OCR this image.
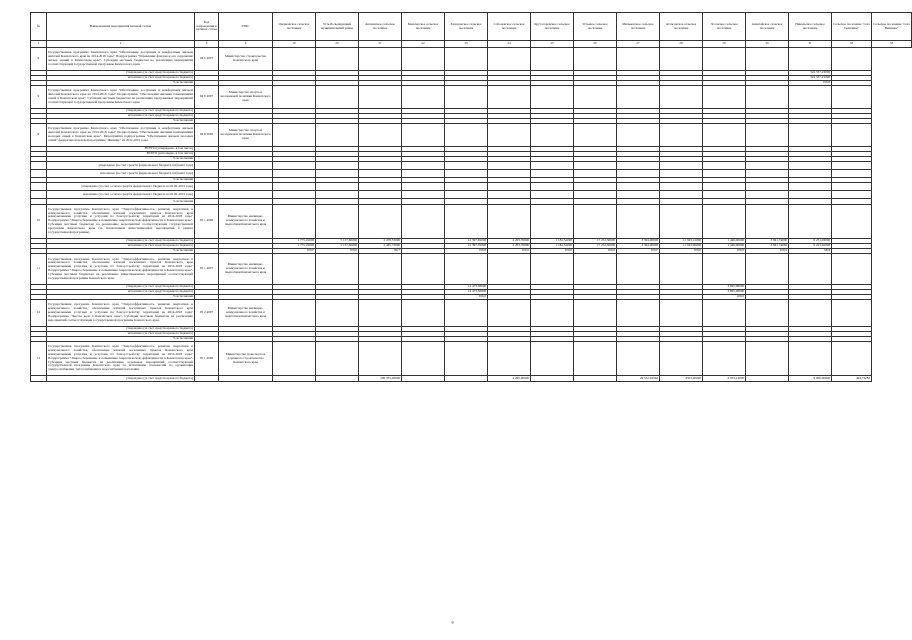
№	Наименование мероприятия целевой статьи	Код направления в целевой статье	ГРБС	Озерновское сельское поселение	Усть-Большерецкий муниципальный район	Апачинское сельское поселение	Кавалерское сельское поселение	Запорожское сельское поселение	Соболевское сельское поселение	Крутогоровское сельское поселение	Устьевое сельское поселение	Мильковское сельское поселение	Атласовское сельское поселение	Эссовское сельское поселение	Анавгайское сельское поселение	Никольское сельское поселение	Сельское поселение "село Тиличики"	Сельское поселение "село Вывенка"
1	2	3	4	19	20	21	22	23	24	25	26	27	28	29	30	31	32	33
9	Государственная программа Камчатского края "Обеспечение доступным и комфортным жильем жителей Камчатского края на 2014-2018 годы" Подпрограмма "Управление фондом и его сохранение жилых зданий в Камчатском крае". Субсидии местным бюджетам на реализацию мероприятий соответствующей государственной программы Камчатского края.	04 5 4007	Министерство строительства Камчатского края															
	утверждено (за счет средств краевого бюджета)															324 557,23000		
	исполнено (за счет средств краевого бюджета)															324 557,23000		
	% исполнения															100,0		
9	Государственная программа Камчатского края "Обеспечение доступным и комфортным жильем жителей Камчатского края на 2014-2018 годы" Подпрограмма "Обеспечение жилыми помещениями семей в Камчатском крае". Субсидии местным бюджетам на реализацию программных мероприятий соответствующей государственной программы Камчатского края.	04 6 4007	Министерство спорта и молодежной политики Камчатского края															
	утверждено (за счет средств краевого бюджета)																	
	исполнено (за счет средств краевого бюджета)																	
	% исполнения																	
9	Государственная программа Камчатского края "Обеспечение доступным и комфортным жильем жителей Камчатского края на 2014-2018 годы" Подпрограмма "Обеспечение жилыми помещениями молодых семей в Камчатском крае". Мероприятия подпрограммы "Обеспечение жильем молодых семей" федеральной целевой программы "Жилище" на 2011-2015 годы.	04 6 5020	Министерство спорта и молодежной политики Камчатского края															
	ВСЕГО (утверждено, в том числе)																	
	ВСЕГО (исполнено, в том числе)																	
	% исполнения																	
	утверждено (за счет средств федерального бюджета текущего года)																	
	исполнено (за счет средств федерального бюджета текущего года)																	
	% исполнения																	
	утверждено (за счет остатка средств федерального бюджета на 01.01.2015 года)																	
	исполнено (за счет остатка средств федерального бюджета на 01.01.2015 года)																	
	% исполнения																	
10	Государственная программа Камчатского края "Энергоэффективность, развитие энергетики и коммунального хозяйства, обеспечение жителей населенных пунктов Камчатского края коммунальными услугами и услугами по благоустройству территорий на 2014-2018 годы" Подпрограмма "Энергосбережение и повышение энергетической эффективности в Камчатском крае". Субсидии местным бюджетам на реализацию мероприятий соответствующей государственной программы Камчатского края (за исключением инвестиционных мероприятий в рамках государственной программы).	05 1 4006	Министерство жилищно-коммунального хозяйства и энергетики Камчатского края															
	утверждено (за счет средств краевого бюджета)			1 775,19000	5 137,60000	2 478,53000		12 397,65000	2 203,76000	1 182,52000	17 252,36000	3 394,00000	11 943,12000	1 446,00000	3 841,74000	6 251,03000		
	исполнено (за счет средств краевого бюджета)			1 775,19000	5 137,60000	2 465,73000		12 397,76000	2 203,76000	1 182,52000	17 252,36000	3 394,00000	11 943,00000	1 446,00000	3 841,74000	6 223,92000		
	% исполнения			100,0	100,0	99,7		100,0	100,0	100,0	100,0	100,0	100,0	100,0	100,0	99,6		
11	Государственная программа Камчатского края "Энергоэффективность, развитие энергетики и коммунального хозяйства, обеспечение жителей населенных пунктов Камчатского края коммунальными услугами и услугами по благоустройству территорий на 2014-2018 годы" Подпрограмма "Энергосбережение и повышение энергетической эффективности в Камчатском крае". Субсидии местным бюджетам на реализацию инвестиционных мероприятий соответствующей государственной программы Камчатского края.	05 1 4007	Министерство жилищно-коммунального хозяйства и энергетики Камчатского края															
	утверждено (за счет средств краевого бюджета)							14 473,58000						3 895,98000				
	исполнено (за счет средств краевого бюджета)							14 473,58000						3 895,98000				
	% исполнения							100,0						100,0				
12	Государственная программа Камчатского края "Энергоэффективность, развитие энергетики и коммунального хозяйства, обеспечение жителей населенных пунктов Камчатского края коммунальными услугами и услугами по благоустройству территорий на 2014-2018 годы" Подпрограмма "Чистая вода в Камчатском крае". Субсидии местным бюджетам на реализацию мероприятий соответствующей государственной программы Камчатского края.	05 2 4007	Министерство жилищно-коммунального хозяйства и энергетики Камчатского края															
	утверждено (за счет средств краевого бюджета)																	
	исполнено (за счет средств краевого бюджета)																	
	% исполнения																	
13	Государственная программа Камчатского края "Энергоэффективность, развитие энергетики и коммунального хозяйства, обеспечение жителей населенных пунктов Камчатского края коммунальными услугами и услугами по благоустройству территорий на 2014-2018 годы" Подпрограмма "Энергосбережение и повышение энергетической эффективности в Камчатском крае". Субсидии местным бюджетам на реализацию отдельных мероприятий соответствующей государственной программы Камчатского края по исполнению полномочий по организации электроснабжения, теплоснабжения и водоснабжения населения.	05 1 4006	Министерство транспорта и дорожного строительства Камчатского края															
	утверждено (за счет средств краевого бюджета)					200 355,28000			4 200,00000			29 532,94340	4503,00000	2 053,14000		9 000,00000	494,73282	
9
